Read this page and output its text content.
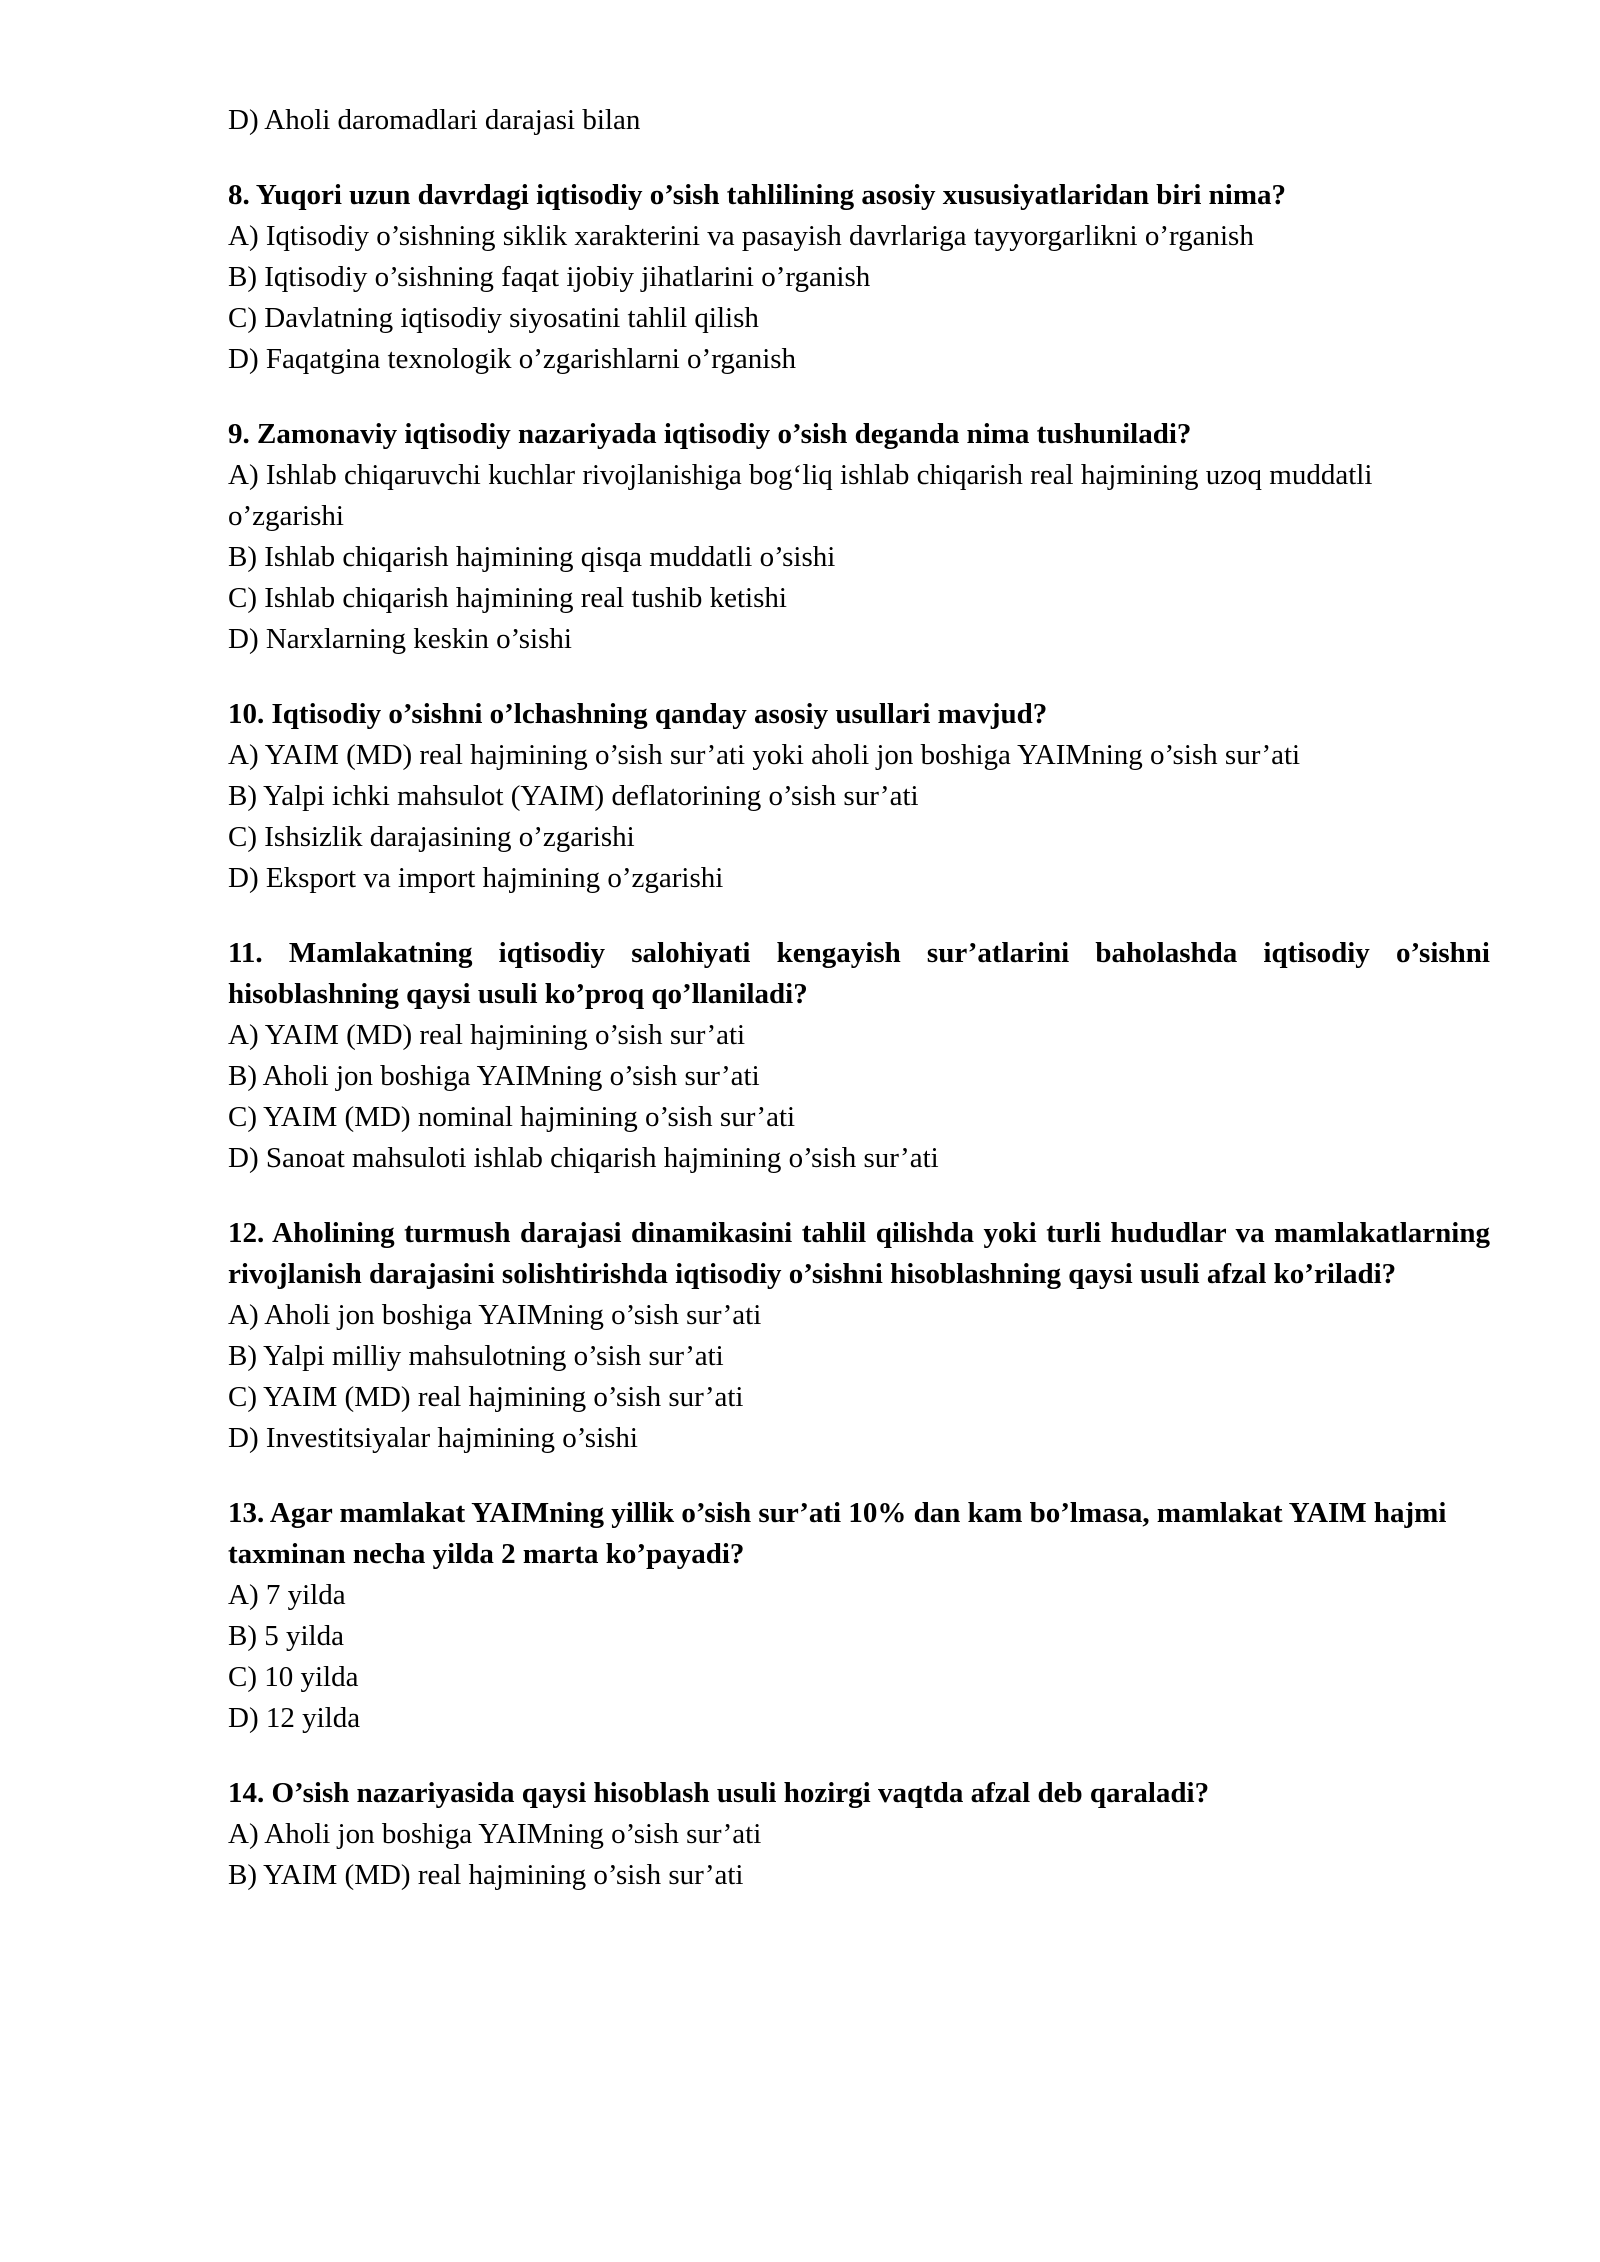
D) Aholi daromadlari darajasi bilan

8. Yuqori uzun davrdagi iqtisodiy o’sish tahlilining asosiy xususiyatlaridan biri nima?

A) Iqtisodiy o’sishning siklik xarakterini va pasayish davrlariga tayyorgarlikni o’rganish
B) Iqtisodiy o’sishning faqat ijobiy jihatlarini o’rganish
C) Davlatning iqtisodiy siyosatini tahlil qilish
D) Faqatgina texnologik o’zgarishlarni o’rganish

9. Zamonaviy iqtisodiy nazariyada iqtisodiy o’sish deganda nima tushuniladi?

A) Ishlab chiqaruvchi kuchlar rivojlanishiga bog‘liq ishlab chiqarish real hajmining uzoq muddatli o’zgarishi
B) Ishlab chiqarish hajmining qisqa muddatli o’sishi
C) Ishlab chiqarish hajmining real tushib ketishi
D) Narxlarning keskin o’sishi

10. Iqtisodiy o’sishni o’lchashning qanday asosiy usullari mavjud?

A) YAIM (MD) real hajmining o’sish sur’ati yoki aholi jon boshiga YAIMning o’sish sur’ati
B) Yalpi ichki mahsulot (YAIM) deflatorining o’sish sur’ati
C) Ishsizlik darajasining o’zgarishi
D) Eksport va import hajmining o’zgarishi

11. Mamlakatning iqtisodiy salohiyati kengayish sur’atlarini baholashda iqtisodiy o’sishni hisoblashning qaysi usuli ko’proq qo’llaniladi?

A) YAIM (MD) real hajmining o’sish sur’ati
B) Aholi jon boshiga YAIMning o’sish sur’ati
C) YAIM (MD) nominal hajmining o’sish sur’ati
D) Sanoat mahsuloti ishlab chiqarish hajmining o’sish sur’ati

12. Aholining turmush darajasi dinamikasini tahlil qilishda yoki turli hududlar va mamlakatlarning rivojlanish darajasini solishtirishda iqtisodiy o’sishni hisoblashning qaysi usuli afzal ko’riladi?

A) Aholi jon boshiga YAIMning o’sish sur’ati
B) Yalpi milliy mahsulotning o’sish sur’ati
C) YAIM (MD) real hajmining o’sish sur’ati
D) Investitsiyalar hajmining o’sishi

13. Agar mamlakat YAIMning yillik o’sish sur’ati 10% dan kam bo’lmasa, mamlakat YAIM hajmi taxminan necha yilda 2 marta ko’payadi?

A) 7 yilda
B) 5 yilda
C) 10 yilda
D) 12 yilda

14. O’sish nazariyasida qaysi hisoblash usuli hozirgi vaqtda afzal deb qaraladi?

A) Aholi jon boshiga YAIMning o’sish sur’ati
B) YAIM (MD) real hajmining o’sish sur’ati
